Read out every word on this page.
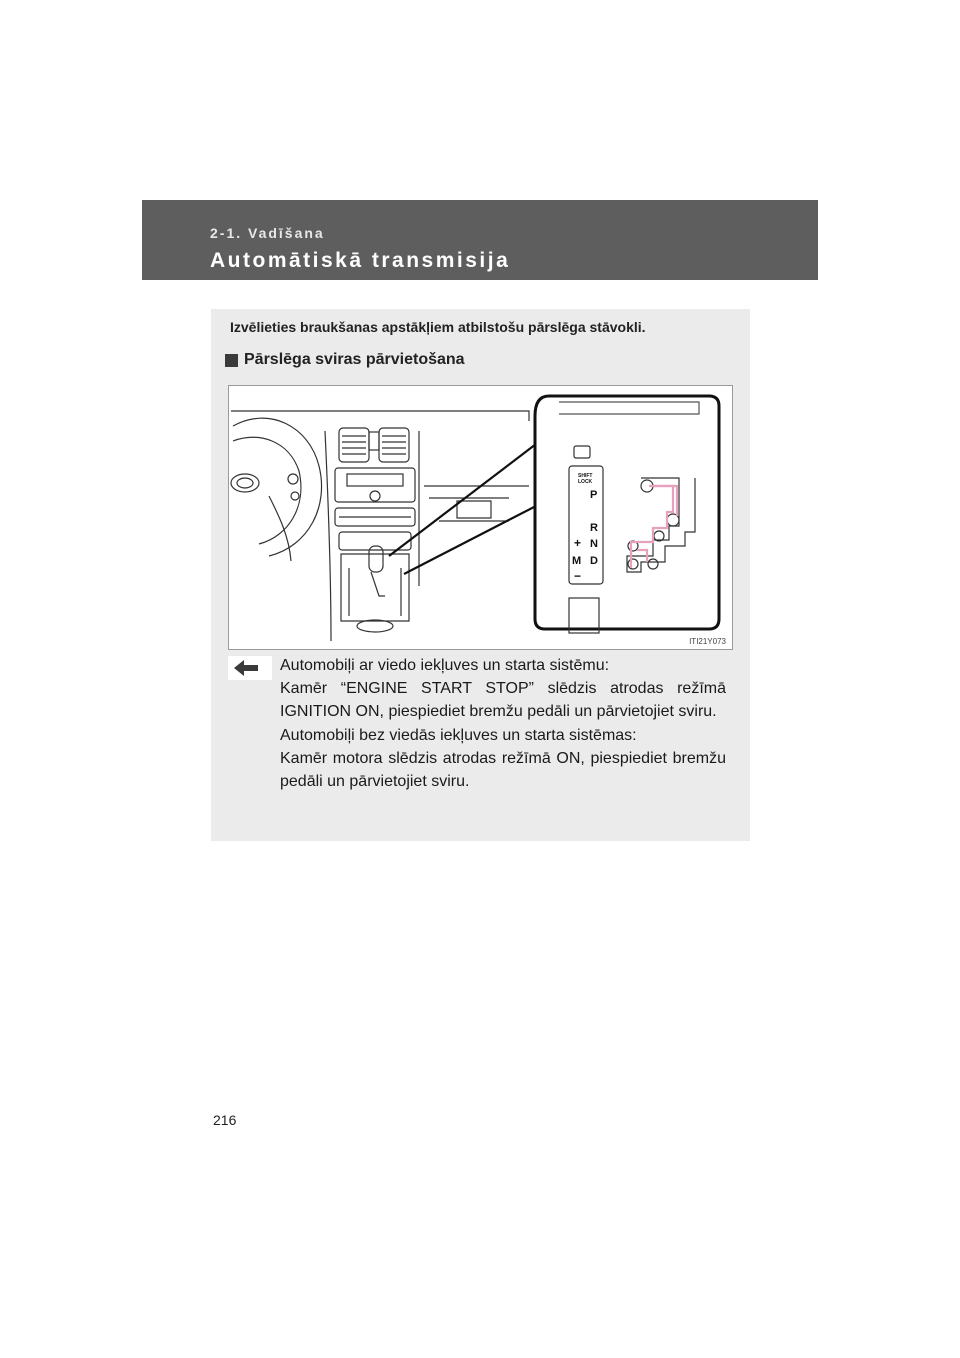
2-1. Vadīšana
Automātiskā transmisija
Izvēlieties braukšanas apstākļiem atbilstošu pārslēga stāvokli.
Pārslēga sviras pārvietošana
SHIFT
LOCK
P
R
N
D
+
M
−
ITI21Y073

Automobiļi ar viedo iekļuves un starta sistēmu:

Kamēr “ENGINE START STOP” slēdzis atrodas režīmā IGNITION ON, piespiediet bremžu pedāli un pārvietojiet sviru.

Automobiļi bez viedās iekļuves un starta sistēmas:

Kamēr motora slēdzis atrodas režīmā ON, piespiediet bremžu pedāli un pārvietojiet sviru.

216
